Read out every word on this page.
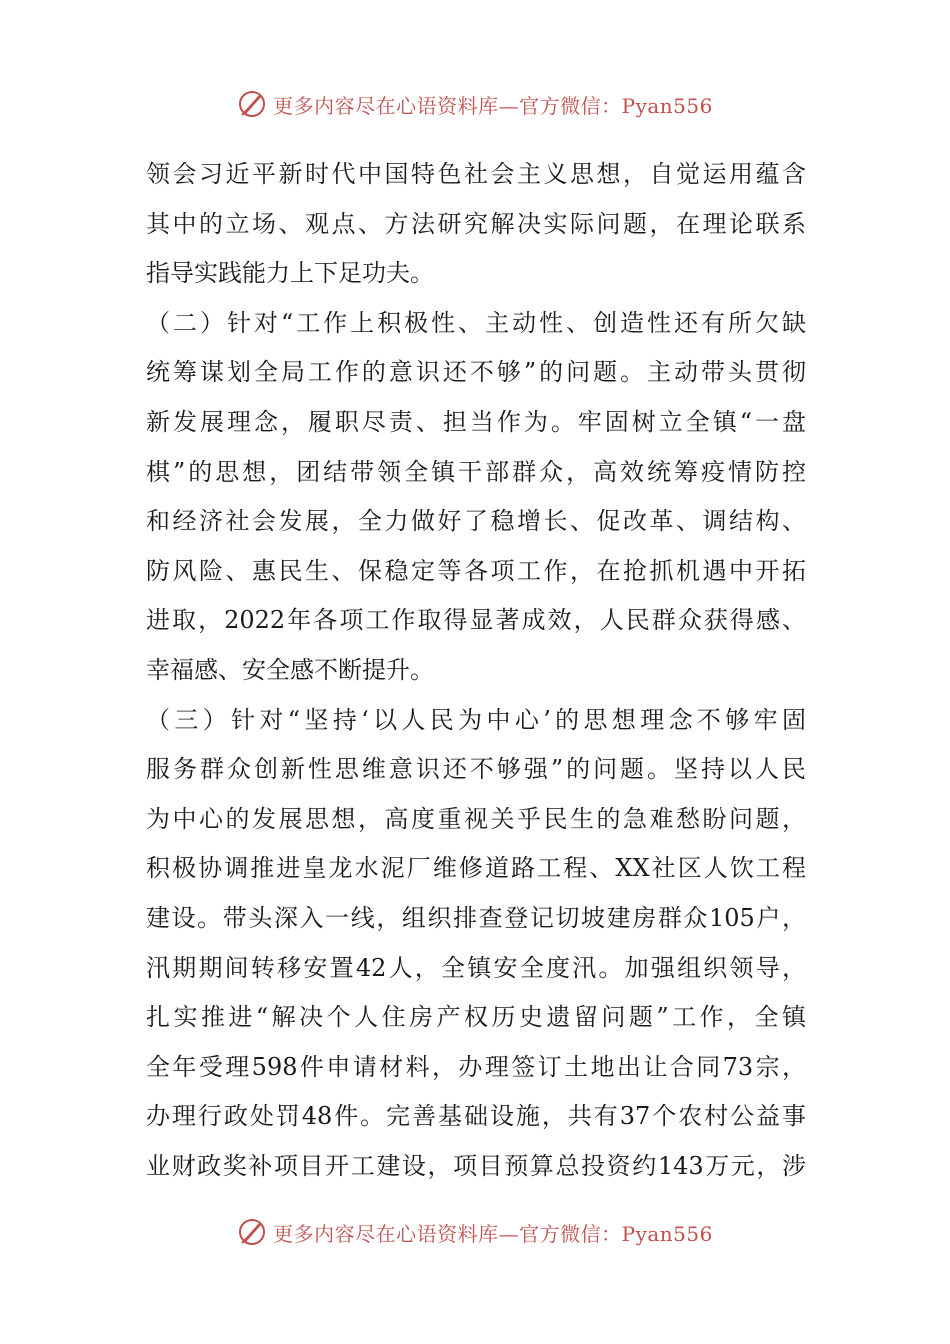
更多内容尽在心语资料库—官方微信：Pyan556
领会习近平新时代中国特色社会主义思想，自觉运用蕴含
其中的立场、观点、方法研究解决实际问题，在理论联系
指导实践能力上下足功夫。
（二）针对“工作上积极性、主动性、创造性还有所欠缺
统筹谋划全局工作的意识还不够”的问题。主动带头贯彻
新发展理念，履职尽责、担当作为。牢固树立全镇“一盘
棋”的思想，团结带领全镇干部群众，高效统筹疫情防控
和经济社会发展，全力做好了稳增长、促改革、调结构、
防风险、惠民生、保稳定等各项工作，在抢抓机遇中开拓
进取，2022年各项工作取得显著成效，人民群众获得感、
幸福感、安全感不断提升。
（三）针对“坚持‘以人民为中心’的思想理念不够牢固
服务群众创新性思维意识还不够强”的问题。坚持以人民
为中心的发展思想，高度重视关乎民生的急难愁盼问题，
积极协调推进皇龙水泥厂维修道路工程、XX社区人饮工程
建设。带头深入一线，组织排查登记切坡建房群众105户，
汛期期间转移安置42人，全镇安全度汛。加强组织领导，
扎实推进“解决个人住房产权历史遗留问题”工作，全镇
全年受理598件申请材料，办理签订土地出让合同73宗，
办理行政处罚48件。完善基础设施，共有37个农村公益事
业财政奖补项目开工建设，项目预算总投资约143万元，涉
更多内容尽在心语资料库—官方微信：Pyan556
